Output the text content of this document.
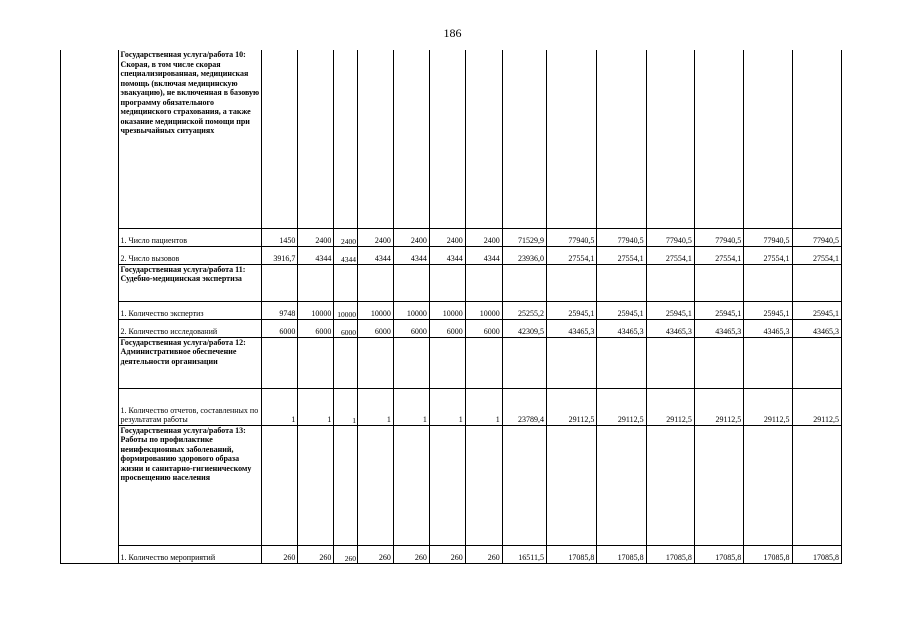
186
	Государственная услуга/работа 10: Скорая, в том числе скорая специализированная, медицинская помощь (включая медицинскую эвакуацию), не включенная в базовую программу обязательного медицинского страхования, а также оказание медицинской помощи при чрезвычайных ситуациях														
	1. Число пациентов	1450	2400	2400	2400	2400	2400	2400	71529,9	77940,5	77940,5	77940,5	77940,5	77940,5	77940,5
	2. Число вызовов	3916,7	4344	4344	4344	4344	4344	4344	23936,0	27554,1	27554,1	27554,1	27554,1	27554,1	27554,1
	Государственная услуга/работа 11: Судебно-медицинская экспертиза														
	1. Количество экспертиз	9748	10000	10000	10000	10000	10000	10000	25255,2	25945,1	25945,1	25945,1	25945,1	25945,1	25945,1
	2. Количество исследований	6000	6000	6000	6000	6000	6000	6000	42309,5	43465,3	43465,3	43465,3	43465,3	43465,3	43465,3
	Государственная услуга/работа 12: Административное обеспечение деятельности организации														
	1. Количество отчетов, составленных по результатам работы	1	1	1	1	1	1	1	23789,4	29112,5	29112,5	29112,5	29112,5	29112,5	29112,5
	Государственная услуга/работа 13: Работы по профилактике неинфекционных заболеваний, формированию здорового образа жизни и санитарно-гигиеническому просвещению населения														
	1. Количество мероприятий	260	260	260	260	260	260	260	16511,5	17085,8	17085,8	17085,8	17085,8	17085,8	17085,8
